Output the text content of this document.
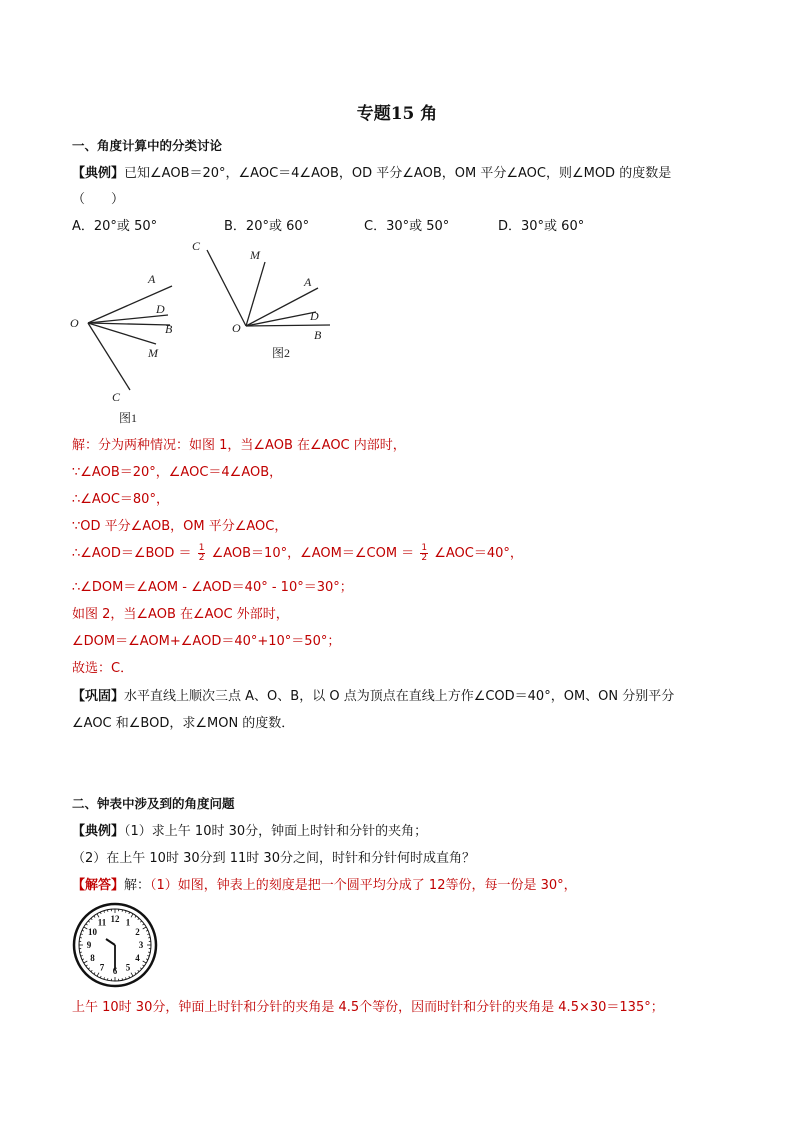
专题15 角
一、角度计算中的分类讨论
【典例】已知∠AOB＝20°，∠AOC＝4∠AOB，OD 平分∠AOB，OM 平分∠AOC，则∠MOD 的度数是
（　　）
A．20°或 50°	B．20°或 60°	C．30°或 50°	D．30°或 60°
O
A
D
B
M
C
图1
O
C
M
A
D
B
图2
解：分为两种情况：如图 1，当∠AOB 在∠AOC 内部时，
∵∠AOB＝20°，∠AOC＝4∠AOB，
∴∠AOC＝80°，
∵OD 平分∠AOB，OM 平分∠AOC，
∴∠AOD＝∠BOD ＝ $\frac{1}{2}$ ∠AOB＝10°，∠AOM＝∠COM ＝ $\frac{1}{2}$ ∠AOC＝40°，
∴∠DOM＝∠AOM - ∠AOD＝40° - 10°＝30°；
如图 2，当∠AOB 在∠AOC 外部时，
∠DOM＝∠AOM+∠AOD＝40°+10°＝50°；
故选：C．
【巩固】水平直线上顺次三点 A、O、B，以 O 点为顶点在直线上方作∠COD＝40°，OM、ON 分别平分
∠AOC 和∠BOD，求∠MON 的度数．
二、钟表中涉及到的角度问题
【典例】（1）求上午 10时 30分，钟面上时针和分针的夹角；
（2）在上午 10时 30分到 11时 30分之间，时针和分针何时成直角？
【解答】解：（1）如图，钟表上的刻度是把一个圆平均分成了 12等份，每一份是 30°，
12 1
2
3
4
5
6
7
8
9
10
11
上午 10时 30分，钟面上时针和分针的夹角是 4.5个等份，因而时针和分针的夹角是 4.5×30＝135°；
